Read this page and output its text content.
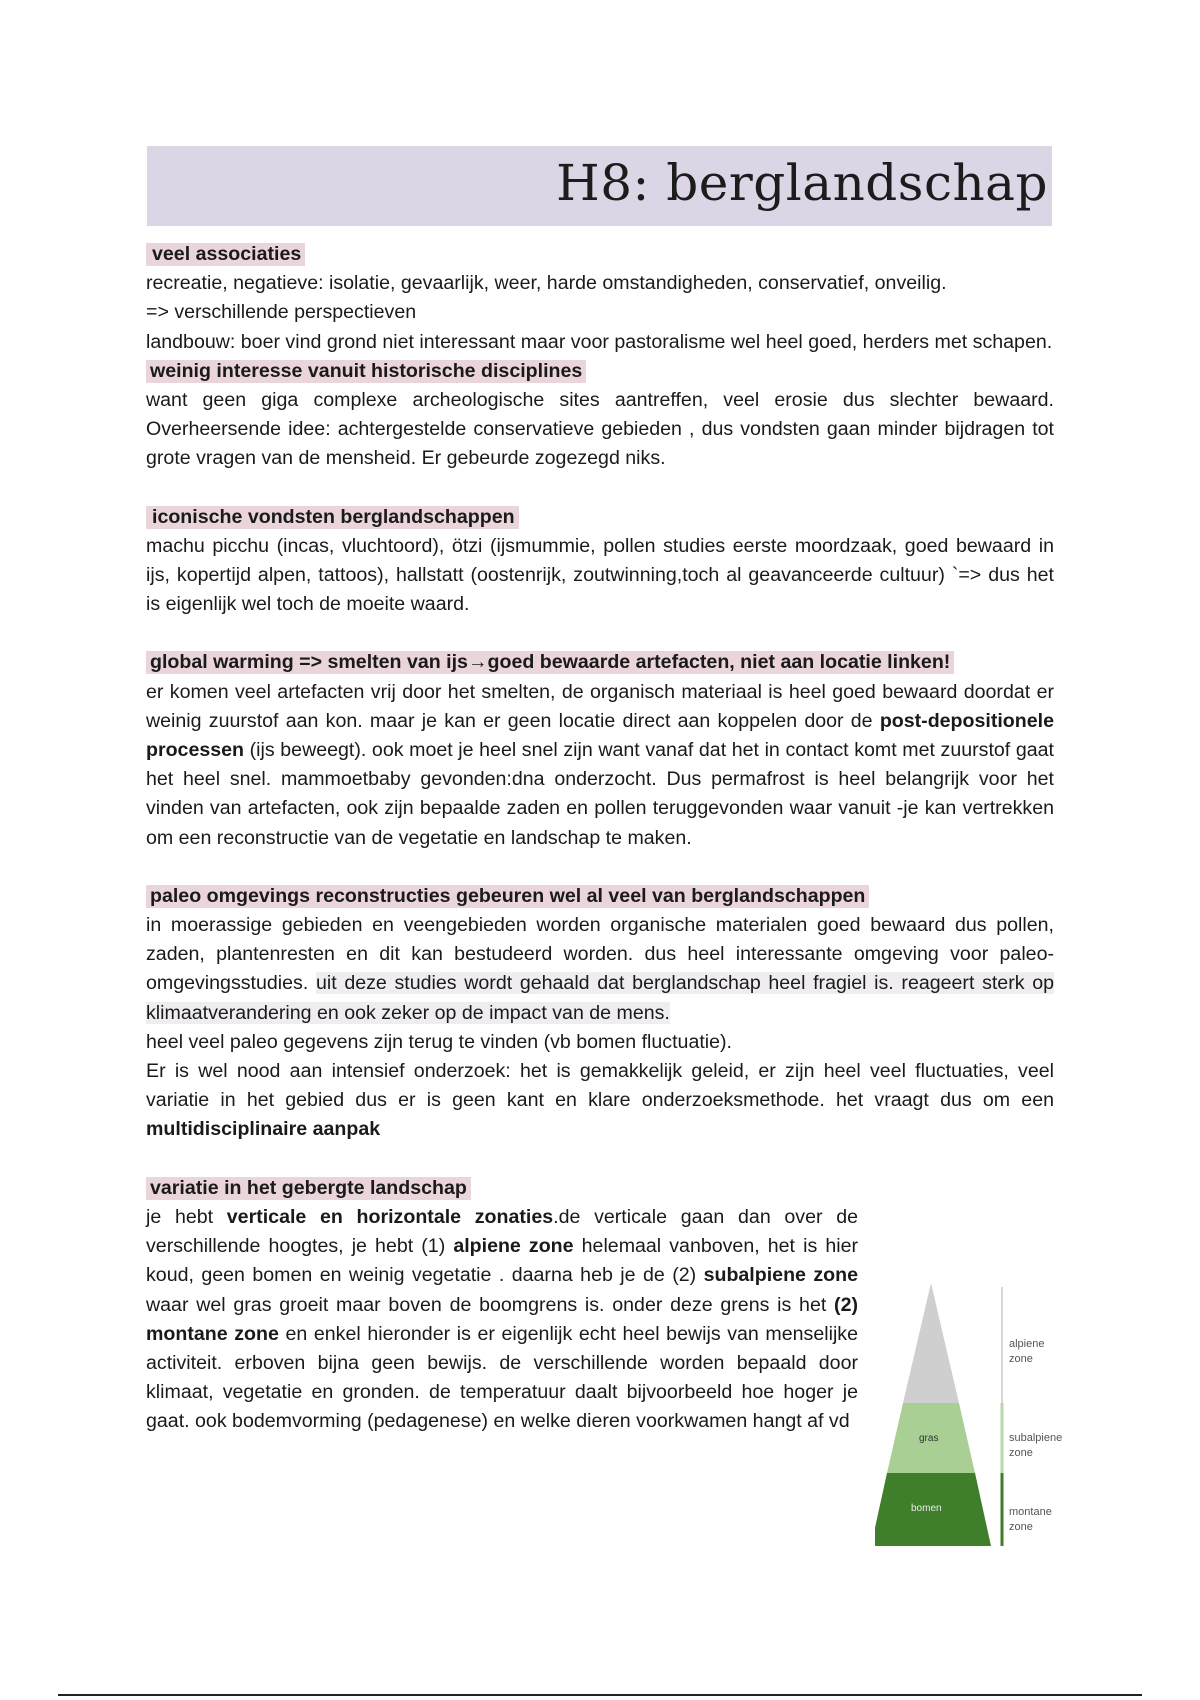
H8: berglandschap

veel associaties

recreatie, negatieve: isolatie, gevaarlijk, weer, harde omstandigheden, conservatief, onveilig.

=> verschillende perspectieven

landbouw: boer vind grond niet interessant maar voor pastoralisme wel heel goed, herders met schapen.

weinig interesse vanuit historische disciplines

want geen giga complexe archeologische sites aantreffen, veel erosie dus slechter bewaard. Overheersende idee: achtergestelde conservatieve gebieden , dus vondsten gaan minder bijdragen tot grote vragen van de mensheid. Er gebeurde zogezegd niks.

iconische vondsten berglandschappen

machu picchu (incas, vluchtoord), ötzi (ijsmummie, pollen studies eerste moordzaak, goed bewaard in ijs, kopertijd alpen, tattoos), hallstatt (oostenrijk, zoutwinning,toch al geavanceerde cultuur) `=> dus het is eigenlijk wel toch de moeite waard.

global warming => smelten van ijs→goed bewaarde artefacten, niet aan locatie linken!

er komen veel artefacten vrij door het smelten, de organisch materiaal is heel goed bewaard doordat er weinig zuurstof aan kon. maar je kan er geen locatie direct aan koppelen door de post-depositionele processen (ijs beweegt). ook moet je heel snel zijn want vanaf dat het in contact komt met zuurstof gaat het heel snel. mammoetbaby gevonden:dna onderzocht. Dus permafrost is heel belangrijk voor het vinden van artefacten, ook zijn bepaalde zaden en pollen teruggevonden waar vanuit -je kan vertrekken om een reconstructie van de vegetatie en landschap te maken.

paleo omgevings reconstructies gebeuren wel al veel van berglandschappen

in moerassige gebieden en veengebieden worden organische materialen goed bewaard dus pollen, zaden, plantenresten en dit kan bestudeerd worden. dus heel interessante omgeving voor paleo-omgevingsstudies. uit deze studies wordt gehaald dat berglandschap heel fragiel is. reageert sterk op klimaatverandering en ook zeker op de impact van de mens.

heel veel paleo gegevens zijn terug te vinden (vb bomen fluctuatie).

Er is wel nood aan intensief onderzoek: het is gemakkelijk geleid, er zijn heel veel fluctuaties, veel variatie in het gebied dus er is geen kant en klare onderzoeksmethode. het vraagt dus om een multidisciplinaire aanpak

variatie in het gebergte landschap

je hebt verticale en horizontale zonaties.de verticale gaan dan over de verschillende hoogtes, je hebt (1) alpiene zone helemaal vanboven, het is hier koud, geen bomen en weinig vegetatie . daarna heb je de (2) subalpiene zone waar wel gras groeit maar boven de boomgrens is. onder deze grens is het (2) montane zone en enkel hieronder is er eigenlijk echt heel bewijs van menselijke activiteit. erboven bijna geen bewijs. de verschillende worden bepaald door klimaat, vegetatie en gronden. de temperatuur daalt bijvoorbeeld hoe hoger je gaat. ook bodemvorming (pedagenese) en welke dieren voorkwamen hangt af vd

alpiene zone
subalpiene zone
montane zone
gras
bomen
